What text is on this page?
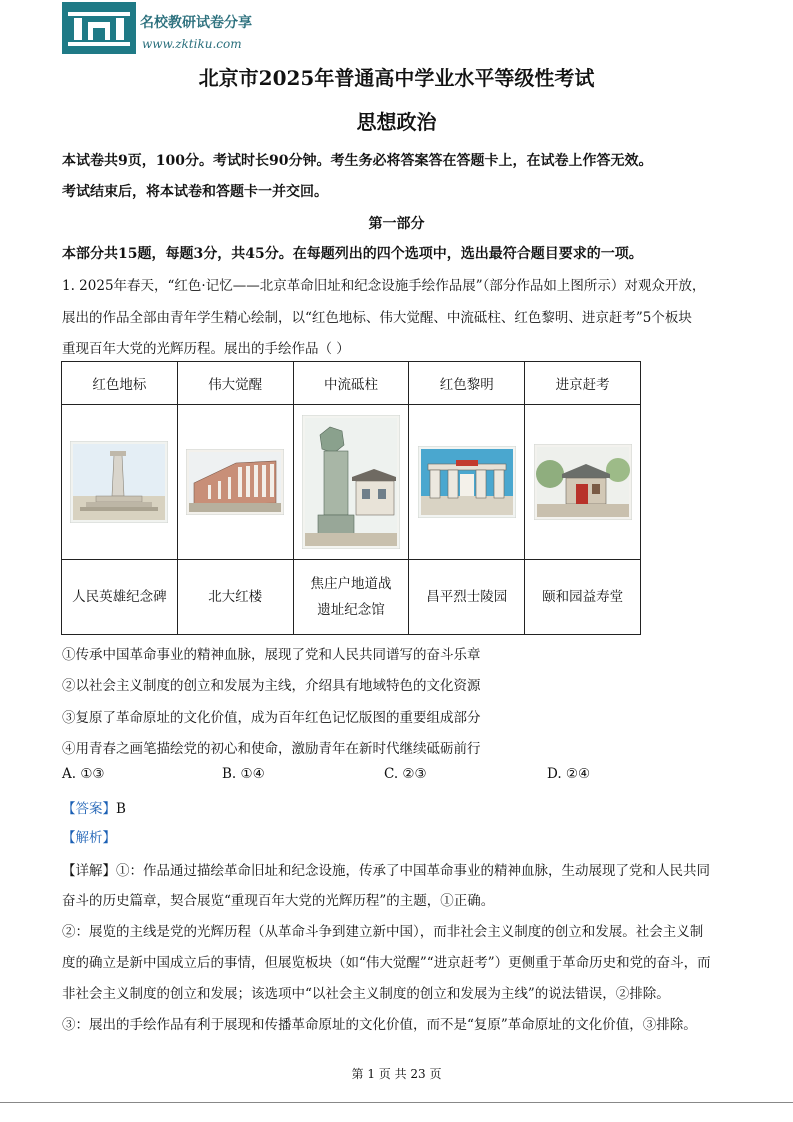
名校教研试卷分享
www.zktiku.com
北京市2025年普通高中学业水平等级性考试
思想政治
本试卷共9页，100分。考试时长90分钟。考生务必将答案答在答题卡上，在试卷上作答无效。
考试结束后，将本试卷和答题卡一并交回。
第一部分
本部分共15题，每题3分，共45分。在每题列出的四个选项中，选出最符合题目要求的一项。
1. 2025年春天，“红色·记忆——北京革命旧址和纪念设施手绘作品展”（部分作品如上图所示）对观众开放，
展出的作品全部由青年学生精心绘制，以“红色地标、伟大觉醒、中流砥柱、红色黎明、进京赶考”5个板块
重现百年大党的光辉历程。展出的手绘作品（ ）
红色地标	伟大觉醒	中流砥柱	红色黎明	进京赶考

人民英雄纪念碑	北大红楼	焦庄户地道战遗址纪念馆	昌平烈士陵园	颐和园益寿堂
①传承中国革命事业的精神血脉，展现了党和人民共同谱写的奋斗乐章
②以社会主义制度的创立和发展为主线，介绍具有地域特色的文化资源
③复原了革命原址的文化价值，成为百年红色记忆版图的重要组成部分
④用青春之画笔描绘党的初心和使命，激励青年在新时代继续砥砺前行
A. ①③	B. ①④	C. ②③	D. ②④
【答案】B
【解析】
【详解】①：作品通过描绘革命旧址和纪念设施，传承了中国革命事业的精神血脉，生动展现了党和人民共同
奋斗的历史篇章，契合展览“重现百年大党的光辉历程”的主题，①正确。
②：展览的主线是党的光辉历程（从革命斗争到建立新中国），而非社会主义制度的创立和发展。社会主义制
度的确立是新中国成立后的事情，但展览板块（如“伟大觉醒”“进京赶考”）更侧重于革命历史和党的奋斗，而
非社会主义制度的创立和发展；该选项中“以社会主义制度的创立和发展为主线”的说法错误，②排除。
③：展出的手绘作品有利于展现和传播革命原址的文化价值，而不是“复原”革命原址的文化价值，③排除。
第 1 页 共 23 页
